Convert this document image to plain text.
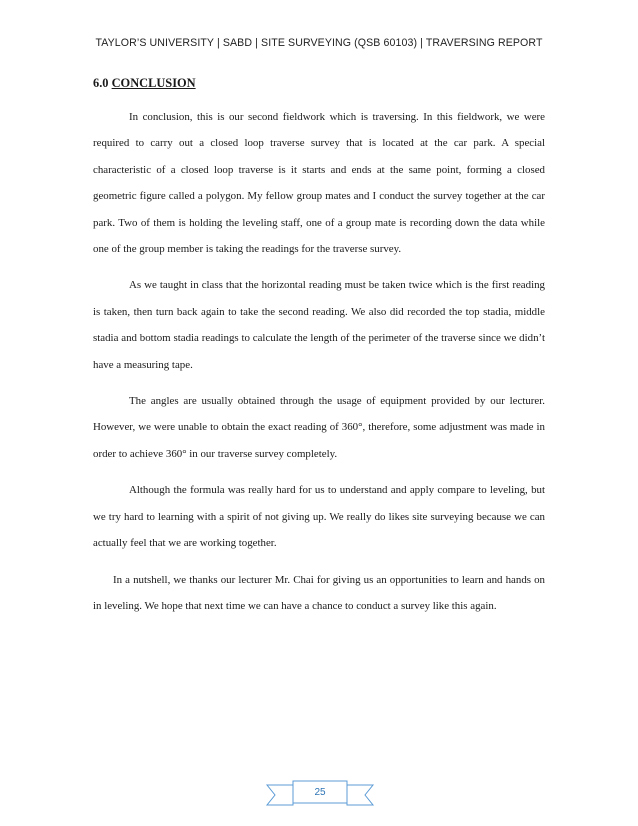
TAYLOR’S UNIVERSITY | SABD | SITE SURVEYING (QSB 60103) | TRAVERSING REPORT
6.0 CONCLUSION

In conclusion, this is our second fieldwork which is traversing. In this fieldwork, we were required to carry out a closed loop traverse survey that is located at the car park. A special characteristic of a closed loop traverse is it starts and ends at the same point, forming a closed geometric figure called a polygon. My fellow group mates and I conduct the survey together at the car park. Two of them is holding the leveling staff, one of a group mate is recording down the data while one of the group member is taking the readings for the traverse survey.

As we taught in class that the horizontal reading must be taken twice which is the first reading is taken, then turn back again to take the second reading. We also did recorded the top stadia, middle stadia and bottom stadia readings to calculate the length of the perimeter of the traverse since we didn’t have a measuring tape.

The angles are usually obtained through the usage of equipment provided by our lecturer. However, we were unable to obtain the exact reading of 360°, therefore, some adjustment was made in order to achieve 360° in our traverse survey completely.

Although the formula was really hard for us to understand and apply compare to leveling, but we try hard to learning with a spirit of not giving up. We really do likes site surveying because we can actually feel that we are working together.

In a nutshell, we thanks our lecturer Mr. Chai for giving us an opportunities to learn and hands on in leveling. We hope that next time we can have a chance to conduct a survey like this again.

25
